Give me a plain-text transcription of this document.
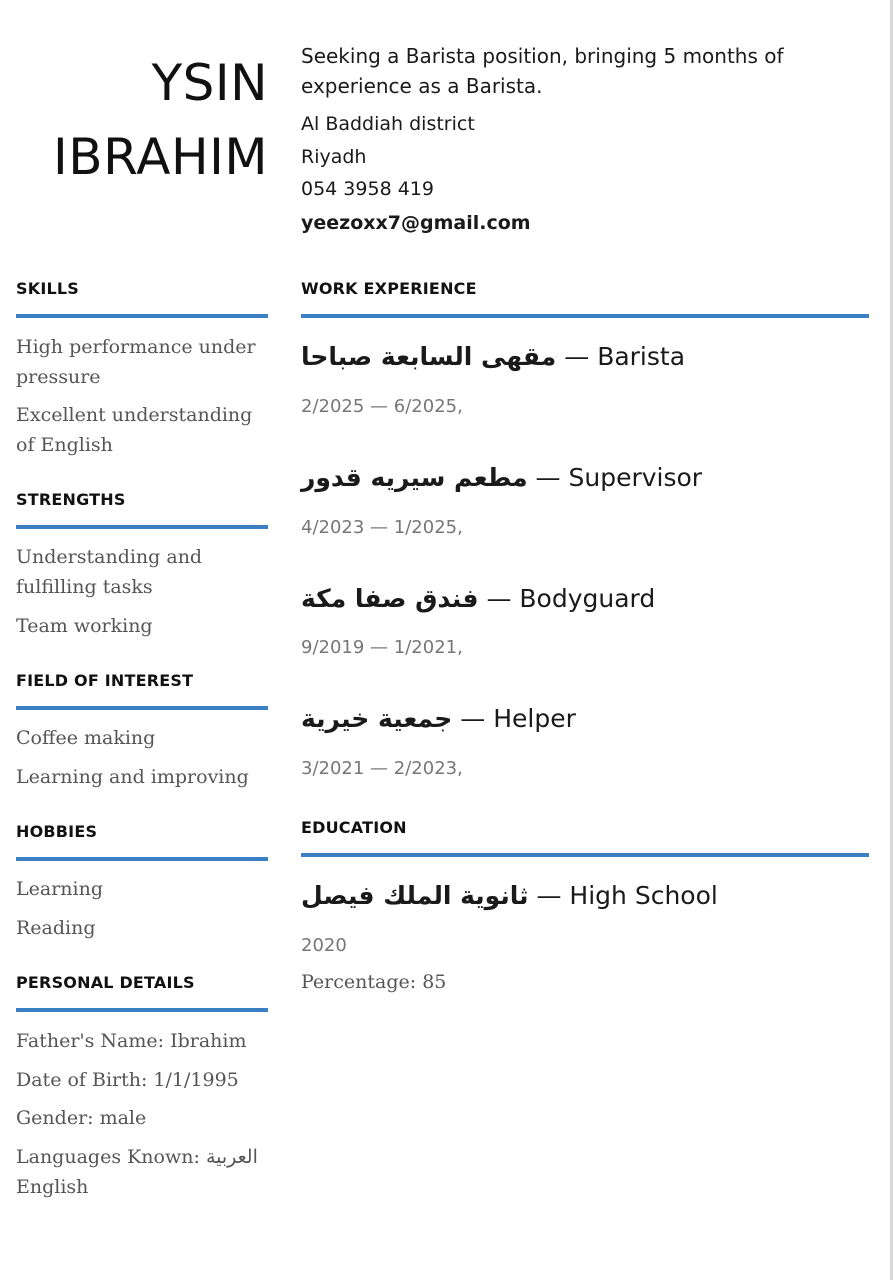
YSIN
IBRAHIM
SKILLS
High performance under pressure
Excellent understanding of English
STRENGTHS
Understanding and fulfilling tasks
Team working
FIELD OF INTEREST
Coffee making
Learning and improving
HOBBIES
Learning
Reading
PERSONAL DETAILS
Father's Name: Ibrahim
Date of Birth: 1/1/1995
Gender: male
Languages Known: العربية
English
Seeking a Barista position, bringing 5 months of experience as a Barista.
Al Baddiah district
Riyadh
054 3958 419
yeezoxx7@gmail.com
WORK EXPERIENCE
مقهى السابعة صباحا — Barista
2/2025 — 6/2025,
مطعم سيريه قدور — Supervisor
4/2023 — 1/2025,
فندق صفا مكة — Bodyguard
9/2019 — 1/2021,
جمعية خيرية — Helper
3/2021 — 2/2023,
EDUCATION
ثانوية الملك فيصل — High School
2020
Percentage: 85
